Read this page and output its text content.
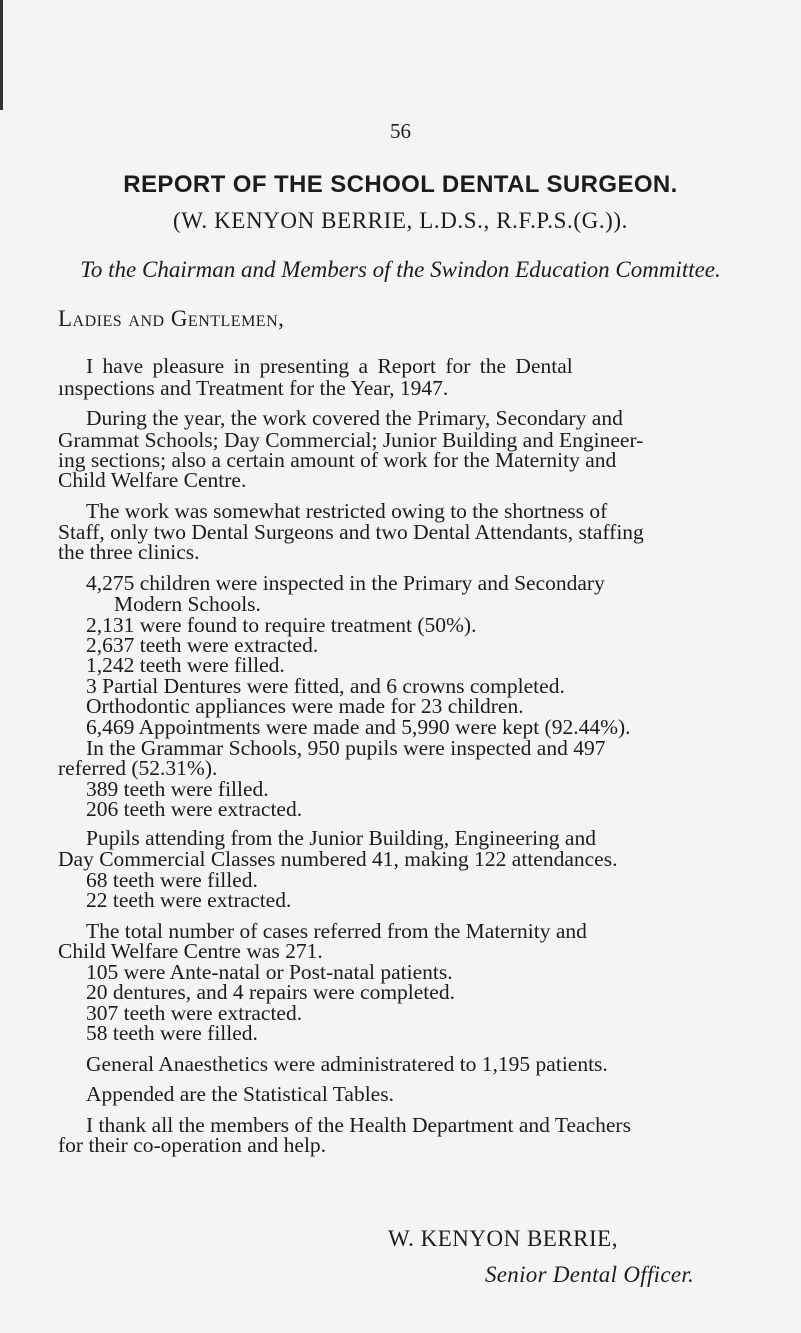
56
REPORT OF THE SCHOOL DENTAL SURGEON.
(W. KENYON BERRIE, L.D.S., R.F.P.S.(G.)).
To the Chairman and Members of the Swindon Education Committee.
Ladies and Gentlemen,
I have pleasure in presenting a Report for the Dental
ınspections and Treatment for the Year, 1947.
During the year, the work covered the Primary, Secondary and
Grammat Schools; Day Commercial; Junior Building and Engineer-
ing sections; also a certain amount of work for the Maternity and
Child Welfare Centre.
The work was somewhat restricted owing to the shortness of
Staff, only two Dental Surgeons and two Dental Attendants, staffing
the three clinics.
4,275 children were inspected in the Primary and Secondary
Modern Schools.
2,131 were found to require treatment (50%).
2,637 teeth were extracted.
1,242 teeth were filled.
3 Partial Dentures were fitted, and 6 crowns completed.
Orthodontic appliances were made for 23 children.
6,469 Appointments were made and 5,990 were kept (92.44%).
In the Grammar Schools, 950 pupils were inspected and 497
referred (52.31%).
389 teeth were filled.
206 teeth were extracted.
Pupils attending from the Junior Building, Engineering and
Day Commercial Classes numbered 41, making 122 attendances.
68 teeth were filled.
22 teeth were extracted.
The total number of cases referred from the Maternity and
Child Welfare Centre was 271.
105 were Ante-natal or Post-natal patients.
20 dentures, and 4 repairs were completed.
307 teeth were extracted.
58 teeth were filled.
General Anaesthetics were administratered to 1,195 patients.
Appended are the Statistical Tables.
I thank all the members of the Health Department and Teachers
for their co-operation and help.
W. KENYON BERRIE,
Senior Dental Officer.
